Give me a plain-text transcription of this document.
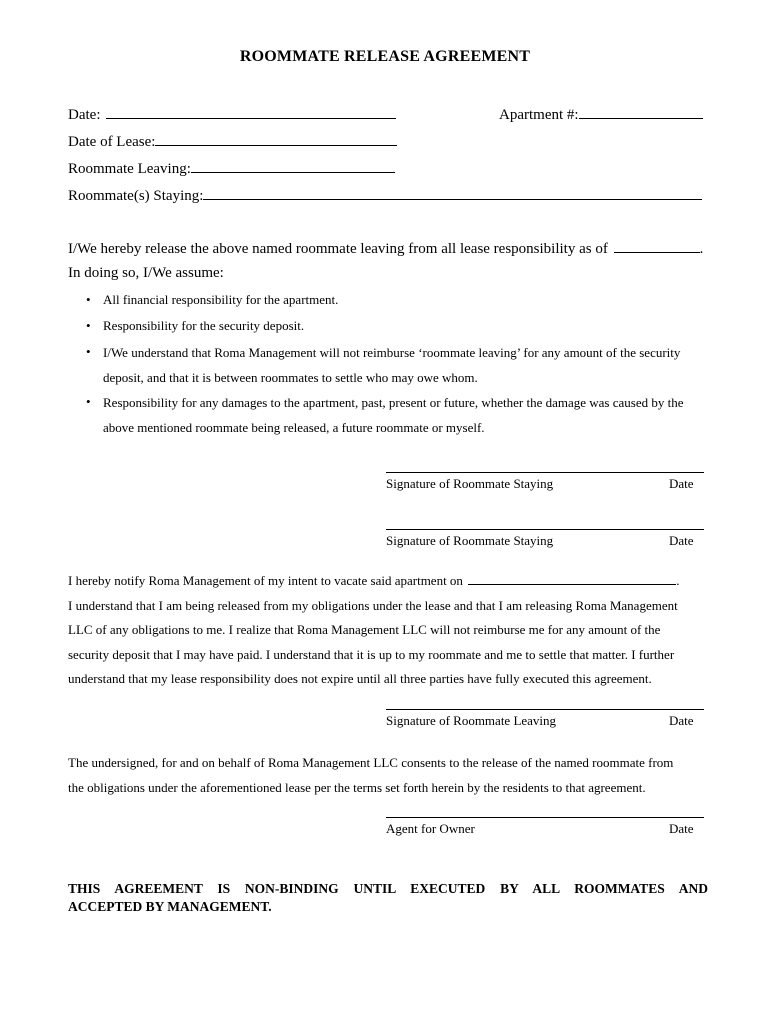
ROOMMATE RELEASE AGREEMENT
Date:	Apartment #:
Date of Lease:
Roommate Leaving:
Roommate(s) Staying:
I/We hereby release the above named roommate leaving from all lease responsibility as of	.
In doing so, I/We assume:
• All financial responsibility for the apartment.
• Responsibility for the security deposit.
• I/We understand that Roma Management will not reimburse ‘roommate leaving’ for any amount of the security
deposit, and that it is between roommates to settle who may owe whom.
• Responsibility for any damages to the apartment, past, present or future, whether the damage was caused by the
above mentioned roommate being released, a future roommate or myself.
Signature of Roommate Staying	Date
Signature of Roommate Staying	Date
I hereby notify Roma Management of my intent to vacate said apartment on	.
I understand that I am being released from my obligations under the lease and that I am releasing Roma Management
LLC of any obligations to me. I realize that Roma Management LLC will not reimburse me for any amount of the
security deposit that I may have paid. I understand that it is up to my roommate and me to settle that matter. I further
understand that my lease responsibility does not expire until all three parties have fully executed this agreement.
Signature of Roommate Leaving	Date
The undersigned, for and on behalf of Roma Management LLC consents to the release of the named roommate from
the obligations under the aforementioned lease per the terms set forth herein by the residents to that agreement.
Agent for Owner	Date
THIS AGREEMENT IS NON-BINDING UNTIL EXECUTED BY ALL ROOMMATES AND
ACCEPTED BY MANAGEMENT.
